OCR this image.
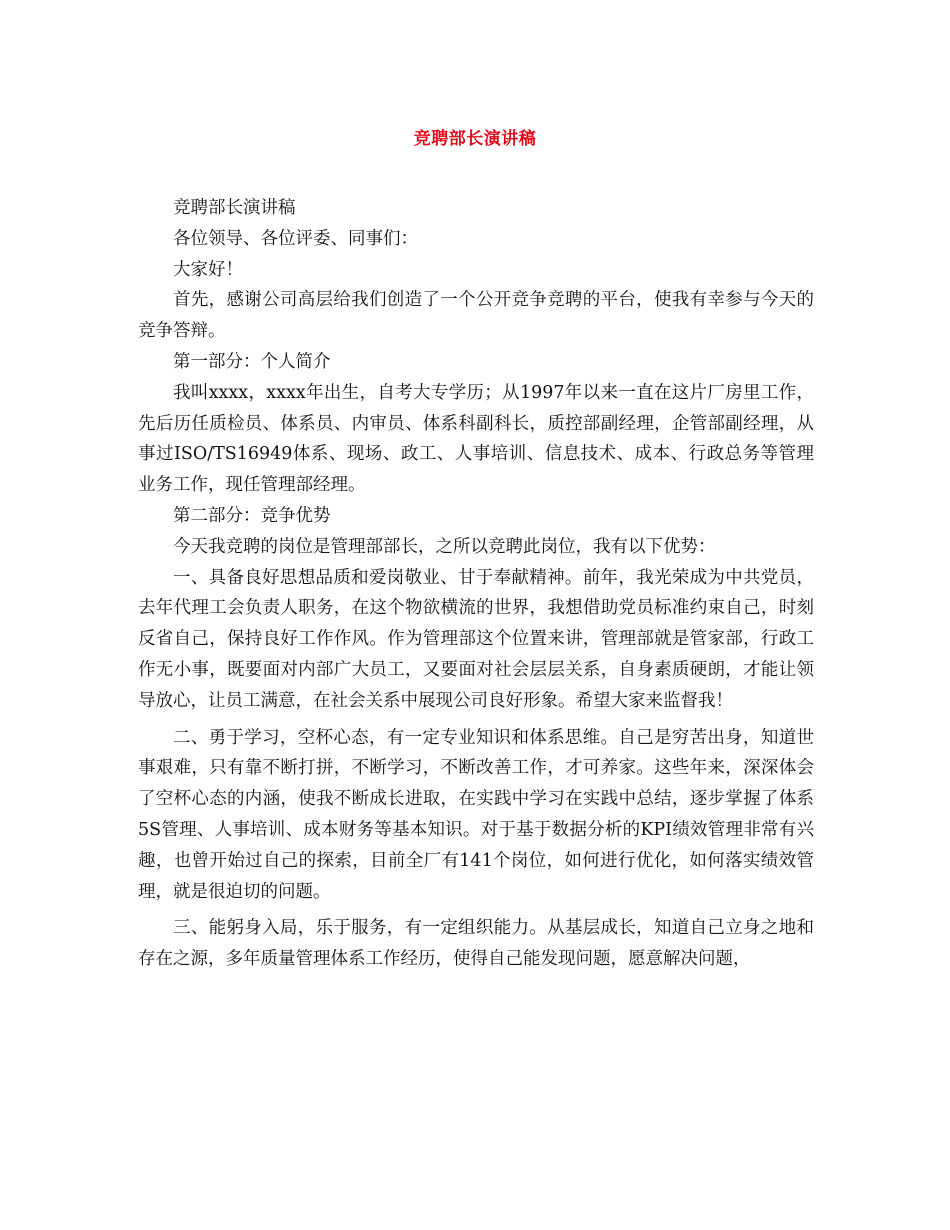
竞聘部长演讲稿

竞聘部长演讲稿

各位领导、各位评委、同事们：

大家好！

首先，感谢公司高层给我们创造了一个公开竞争竞聘的平台，使我有幸参与今天的竞争答辩。

第一部分：个人简介

我叫xxxx，xxxx年出生，自考大专学历；从1997年以来一直在这片厂房里工作，先后历任质检员、体系员、内审员、体系科副科长，质控部副经理，企管部副经理，从事过ISO/TS16949体系、现场、政工、人事培训、信息技术、成本、行政总务等管理业务工作，现任管理部经理。

第二部分：竞争优势

今天我竞聘的岗位是管理部部长，之所以竞聘此岗位，我有以下优势：

一、具备良好思想品质和爱岗敬业、甘于奉献精神。前年，我光荣成为中共党员，去年代理工会负责人职务，在这个物欲横流的世界，我想借助党员标准约束自己，时刻反省自己，保持良好工作作风。作为管理部这个位置来讲，管理部就是管家部，行政工作无小事，既要面对内部广大员工，又要面对社会层层关系，自身素质硬朗，才能让领导放心，让员工满意，在社会关系中展现公司良好形象。希望大家来监督我！

二、勇于学习，空杯心态，有一定专业知识和体系思维。自己是穷苦出身，知道世事艰难，只有靠不断打拼，不断学习，不断改善工作，才可养家。这些年来，深深体会了空杯心态的内涵，使我不断成长进取，在实践中学习在实践中总结，逐步掌握了体系5S管理、人事培训、成本财务等基本知识。对于基于数据分析的KPI绩效管理非常有兴趣，也曾开始过自己的探索，目前全厂有141个岗位，如何进行优化，如何落实绩效管理，就是很迫切的问题。

三、能躬身入局，乐于服务，有一定组织能力。从基层成长，知道自己立身之地和存在之源，多年质量管理体系工作经历，使得自己能发现问题，愿意解决问题，
